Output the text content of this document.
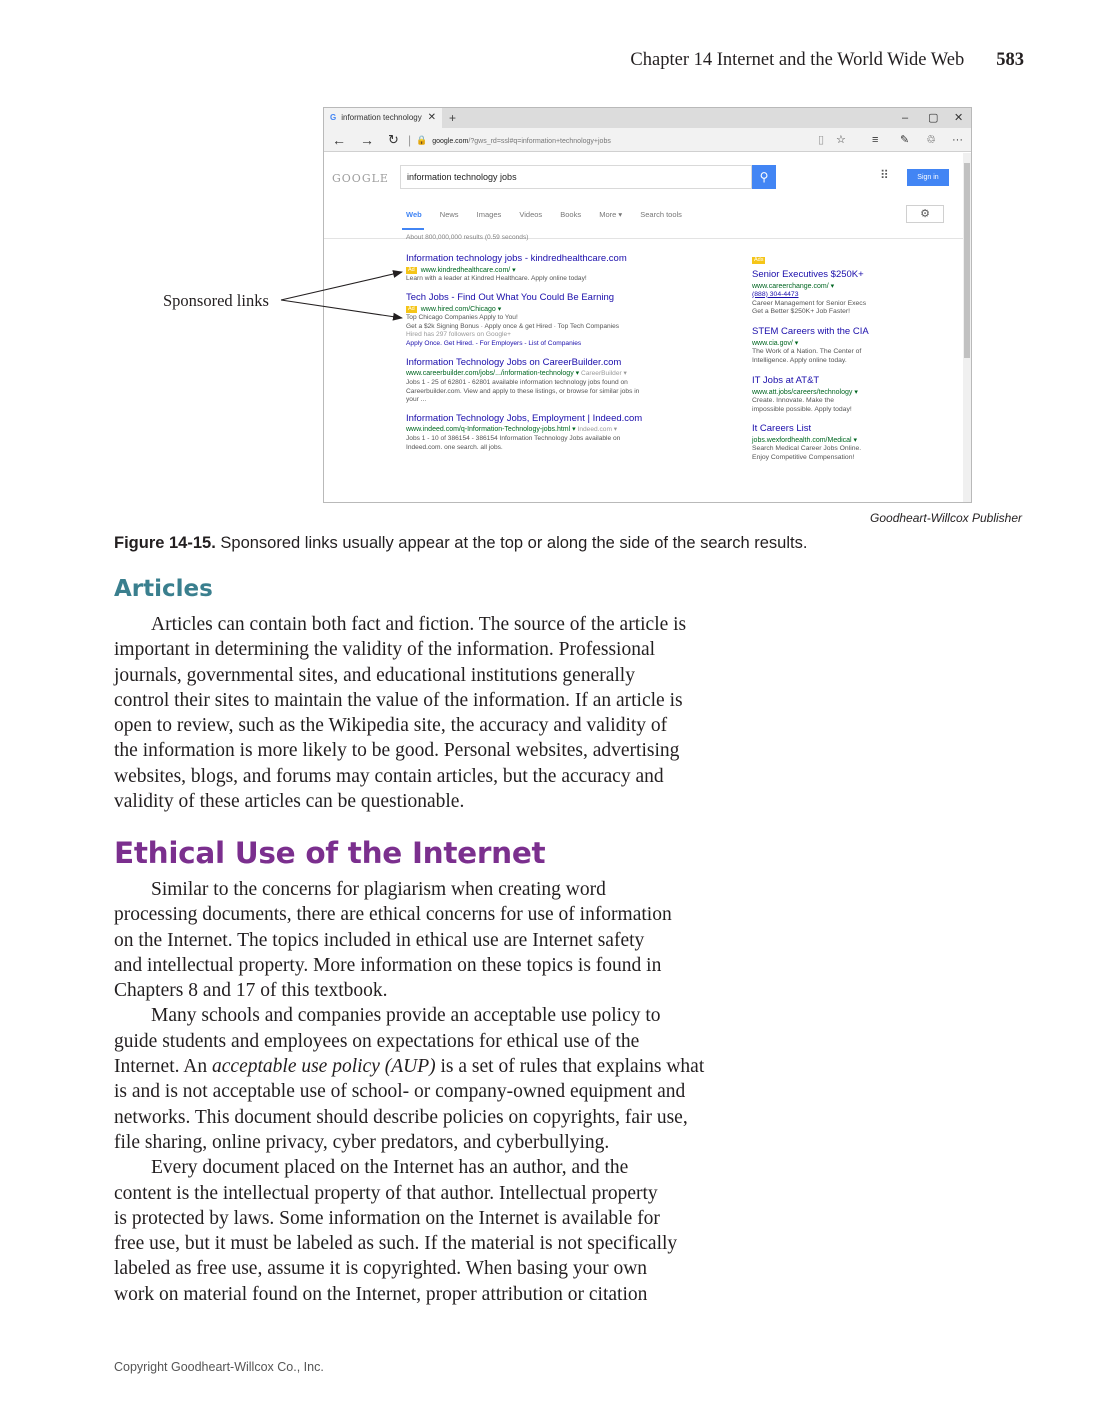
Chapter 14 Internet and the World Wide Web 583
G information technology ✕ +	– ▢ ✕
← → ↻ | 🔒 google.com/?gws_rd=ssl#q=information+technology+jobs	▯ ☆ ≡ ✎ ♲ ···
GOOGLE	information technology jobs	⚲	⠿	Sign in
Web News Images Videos Books More ▾ Search tools	⚙
About 800,000,000 results (0.59 seconds)
Information technology jobs - kindredhealthcare.com
Ad www.kindredhealthcare.com/ ▾
Learn with a leader at Kindred Healthcare. Apply online today!
Tech Jobs - Find Out What You Could Be Earning
Ad www.hired.com/Chicago ▾
Top Chicago Companies Apply to You!
Get a $2k Signing Bonus · Apply once & get Hired · Top Tech Companies
Hired has 297 followers on Google+
Apply Once. Get Hired. - For Employers - List of Companies
Information Technology Jobs on CareerBuilder.com
www.careerbuilder.com/jobs/.../information-technology ▾ CareerBuilder ▾
Jobs 1 - 25 of 62801 - 62801 available information technology jobs found on
Careerbuilder.com. View and apply to these listings, or browse for similar jobs in
your ...
Information Technology Jobs, Employment | Indeed.com
www.indeed.com/q-Information-Technology-jobs.html ▾ Indeed.com ▾
Jobs 1 - 10 of 386154 - 386154 Information Technology Jobs available on
Indeed.com. one search. all jobs.
Ads
Senior Executives $250K+
www.careerchange.com/ ▾
(888) 304-4473
Career Management for Senior Execs
Get a Better $250K+ Job Faster!
STEM Careers with the CIA
www.cia.gov/ ▾
The Work of a Nation. The Center of
Intelligence. Apply online today.
IT Jobs at AT&T
www.att.jobs/careers/technology ▾
Create. Innovate. Make the
impossible possible. Apply today!
It Careers List
jobs.wexfordhealth.com/Medical ▾
Search Medical Career Jobs Online.
Enjoy Competitive Compensation!
Sponsored links
Goodheart-Willcox Publisher
Figure 14-15. Sponsored links usually appear at the top or along the side of the search results.
Articles

Articles can contain both fact and fiction. The source of the article is
important in determining the validity of the information. Professional
journals, governmental sites, and educational institutions generally
control their sites to maintain the value of the information. If an article is
open to review, such as the Wikipedia site, the accuracy and validity of
the information is more likely to be good. Personal websites, advertising
websites, blogs, and forums may contain articles, but the accuracy and
validity of these articles can be questionable.

Ethical Use of the Internet

Similar to the concerns for plagiarism when creating word
processing documents, there are ethical concerns for use of information
on the Internet. The topics included in ethical use are Internet safety
and intellectual property. More information on these topics is found in
Chapters 8 and 17 of this textbook.

Many schools and companies provide an acceptable use policy to
guide students and employees on expectations for ethical use of the
Internet. An acceptable use policy (AUP) is a set of rules that explains what
is and is not acceptable use of school- or company-owned equipment and
networks. This document should describe policies on copyrights, fair use,
file sharing, online privacy, cyber predators, and cyberbullying.

Every document placed on the Internet has an author, and the
content is the intellectual property of that author. Intellectual property
is protected by laws. Some information on the Internet is available for
free use, but it must be labeled as such. If the material is not specifically
labeled as free use, assume it is copyrighted. When basing your own
work on material found on the Internet, proper attribution or citation

Copyright Goodheart-Willcox Co., Inc.
